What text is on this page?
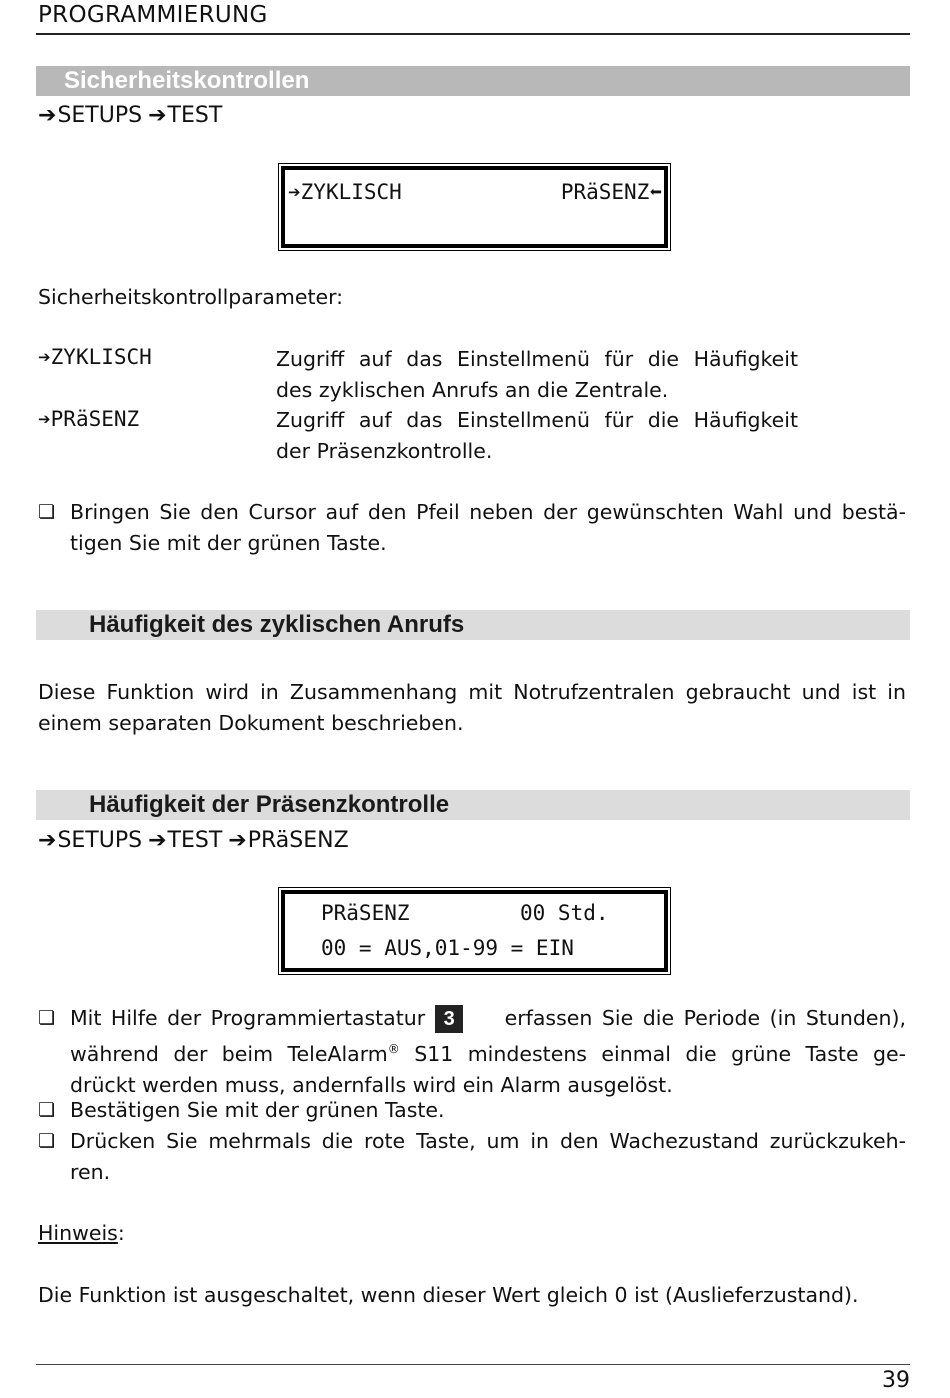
PROGRAMMIERUNG
Sicherheitskontrollen
➔SETUPS ➔TEST
➔ZYKLISCH	PRäSENZ⬅
Sicherheitskontrollparameter:
➔ZYKLISCH	Zugriff auf das Einstellmenü für die Häufigkeit
des zyklischen Anrufs an die Zentrale.
➔PRäSENZ	Zugriff auf das Einstellmenü für die Häufigkeit
der Präsenzkontrolle.
❏ Bringen Sie den Cursor auf den Pfeil neben der gewünschten Wahl und bestä-
tigen Sie mit der grünen Taste.
Häufigkeit des zyklischen Anrufs
Diese Funktion wird in Zusammenhang mit Notrufzentralen gebraucht und ist in
einem separaten Dokument beschrieben.
Häufigkeit der Präsenzkontrolle
➔SETUPS ➔TEST ➔PRäSENZ
PRäSENZ	00 Std.
00 = AUS,01-99 = EIN
❏ Mit Hilfe der Programmiertastatur 3	erfassen Sie die Periode (in Stunden),
während der beim TeleAlarm® S11 mindestens einmal die grüne Taste ge-
drückt werden muss, andernfalls wird ein Alarm ausgelöst.
❏ Bestätigen Sie mit der grünen Taste.
❏ Drücken Sie mehrmals die rote Taste, um in den Wachezustand zurückzukeh-
ren.
Hinweis:
Die Funktion ist ausgeschaltet, wenn dieser Wert gleich 0 ist (Auslieferzustand).
39
